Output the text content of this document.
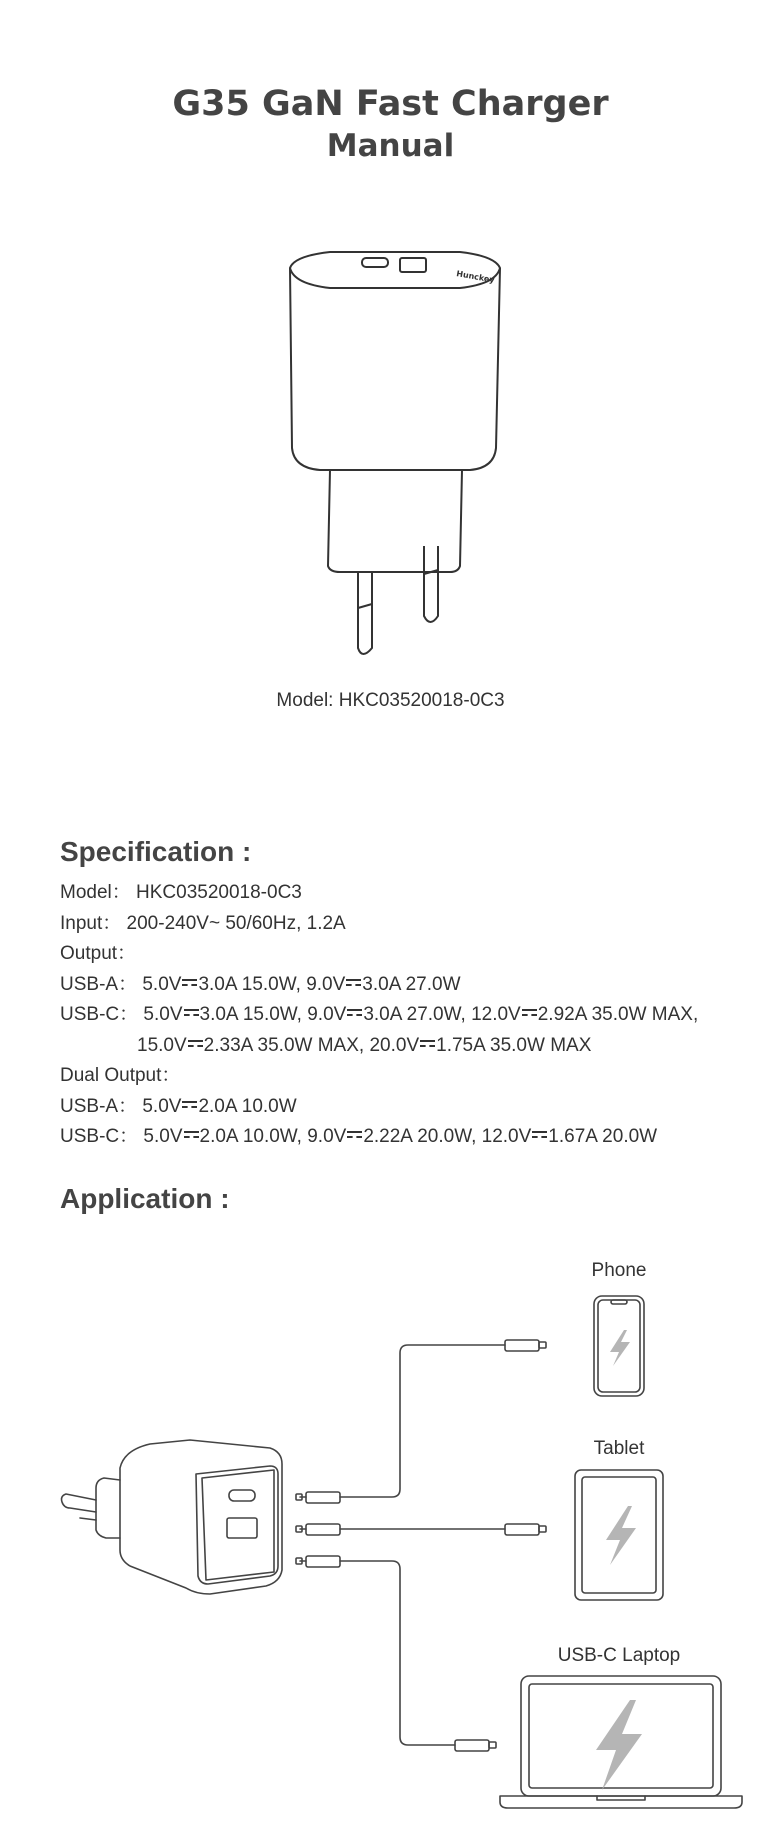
G35 GaN Fast Charger
Manual
Hunckey
Model: HKC03520018-0C3
Specification :
Model： HKC03520018-0C3
Input： 200-240V~ 50/60Hz, 1.2A
Output：
USB-A： 5.0V 3.0A 15.0W, 9.0V 3.0A 27.0W
USB-C： 5.0V 3.0A 15.0W, 9.0V 3.0A 27.0W, 12.0V 2.92A 35.0W MAX,
15.0V 2.33A 35.0W MAX, 20.0V 1.75A 35.0W MAX
Dual Output：
USB-A： 5.0V 2.0A 10.0W
USB-C： 5.0V 2.0A 10.0W, 9.0V 2.22A 20.0W, 12.0V 1.67A 20.0W
Application :
Phone
Tablet
USB-C Laptop
